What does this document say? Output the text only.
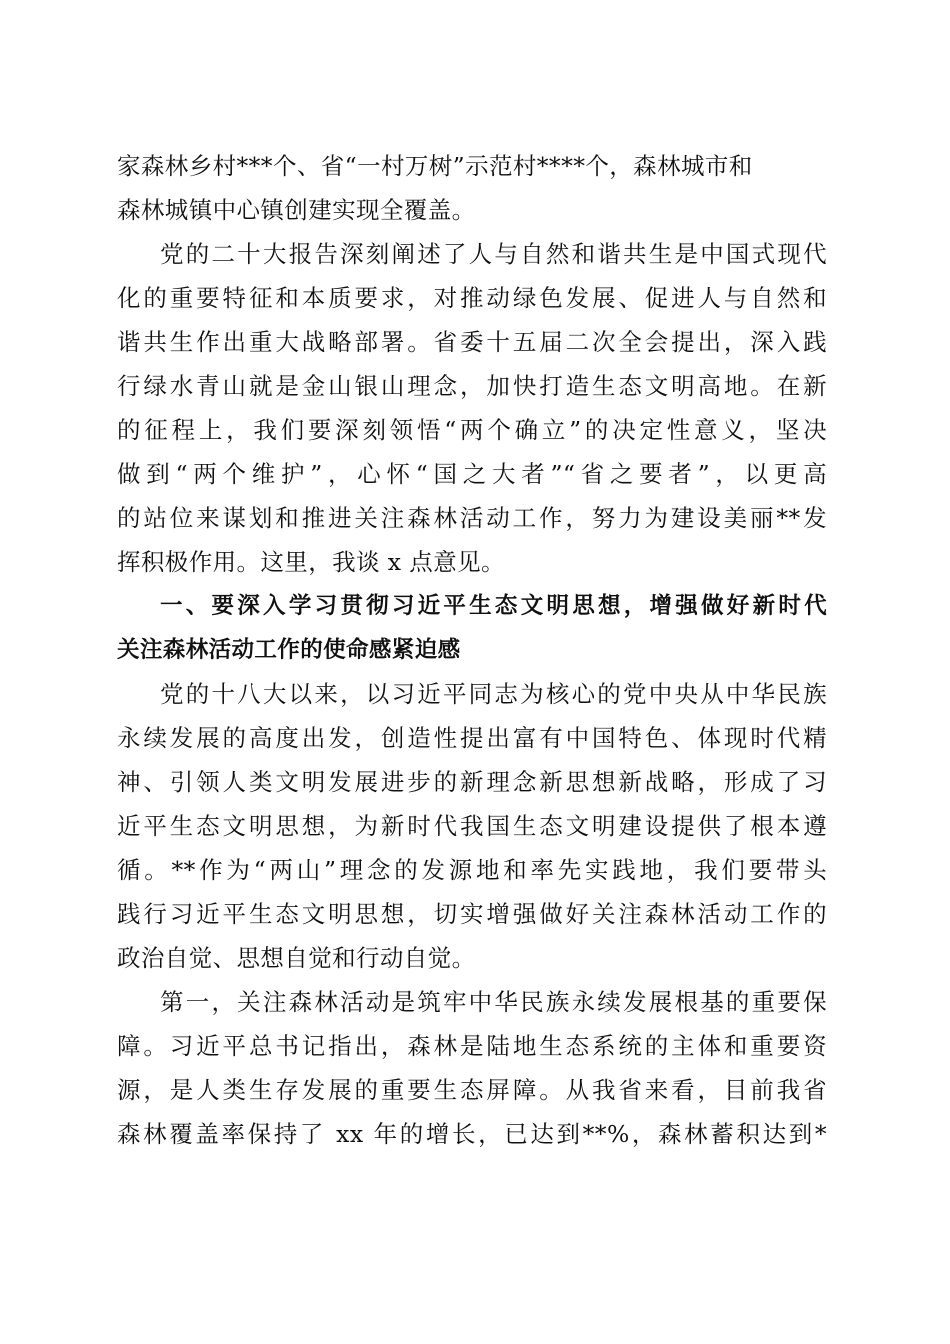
家森林乡村***个、省“一村万树”示范村****个，森林城市和
森林城镇中心镇创建实现全覆盖。
党的二十大报告深刻阐述了人与自然和谐共生是中国式现代
化的重要特征和本质要求，对推动绿色发展、促进人与自然和
谐共生作出重大战略部署。省委十五届二次全会提出，深入践
行绿水青山就是金山银山理念，加快打造生态文明高地。在新
的征程上，我们要深刻领悟“两个确立”的决定性意义，坚决
做到“两个维护”，心怀“国之大者”“省之要者”，以更高
的站位来谋划和推进关注森林活动工作，努力为建设美丽**发
挥积极作用。这里，我谈 x 点意见。
一、要深入学习贯彻习近平生态文明思想，增强做好新时代
关注森林活动工作的使命感紧迫感
党的十八大以来，以习近平同志为核心的党中央从中华民族
永续发展的高度出发，创造性提出富有中国特色、体现时代精
神、引领人类文明发展进步的新理念新思想新战略，形成了习
近平生态文明思想，为新时代我国生态文明建设提供了根本遵
循。**作为“两山”理念的发源地和率先实践地，我们要带头
践行习近平生态文明思想，切实增强做好关注森林活动工作的
政治自觉、思想自觉和行动自觉。
第一，关注森林活动是筑牢中华民族永续发展根基的重要保
障。习近平总书记指出，森林是陆地生态系统的主体和重要资
源，是人类生存发展的重要生态屏障。从我省来看，目前我省
森林覆盖率保持了 xx 年的增长，已达到**%，森林蓄积达到*
